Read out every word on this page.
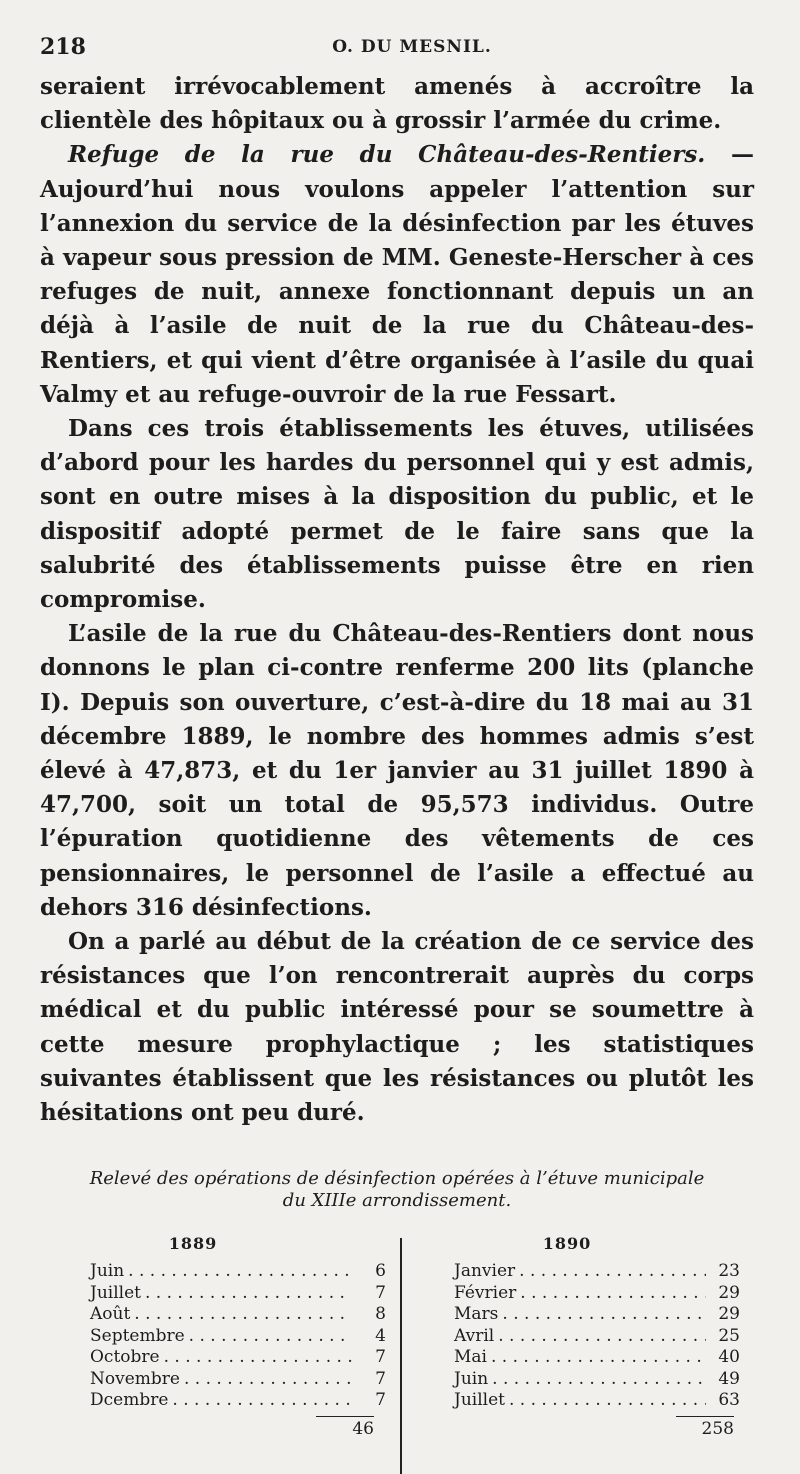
218	O. DU MESNIL.

seraient irrévocablement amenés à accroître la clientèle des hôpitaux ou à grossir l’armée du crime.

Refuge de la rue du Château-des-Rentiers. — Aujourd’hui nous voulons appeler l’attention sur l’annexion du service de la désinfection par les étuves à vapeur sous pression de MM. Geneste-Herscher à ces refuges de nuit, annexe fonctionnant depuis un an déjà à l’asile de nuit de la rue du Château-des-Rentiers, et qui vient d’être organisée à l’asile du quai Valmy et au refuge-ouvroir de la rue Fessart.

Dans ces trois établissements les étuves, utilisées d’abord pour les hardes du personnel qui y est admis, sont en outre mises à la disposition du public, et le dispositif adopté permet de le faire sans que la salubrité des établissements puisse être en rien compromise.

L’asile de la rue du Château-des-Rentiers dont nous donnons le plan ci-contre renferme 200 lits (planche I). Depuis son ouverture, c’est-à-dire du 18 mai au 31 décembre 1889, le nombre des hommes admis s’est élevé à 47,873, et du 1er janvier au 31 juillet 1890 à 47,700, soit un total de 95,573 individus. Outre l’épuration quotidienne des vêtements de ces pensionnaires, le personnel de l’asile a effectué au dehors 316 désinfections.

On a parlé au début de la création de ce service des résistances que l’on rencontrerait auprès du corps médical et du public intéressé pour se soumettre à cette mesure prophylactique ; les statistiques suivantes établissent que les résistances ou plutôt les hésitations ont peu duré.

Relevé des opérations de désinfection opérées à l’étuve municipale
du XIIIe arrondissement.
1889
Juin . . .	6
Juillet . . .	7
Août . . .	8
Septembre . . .	4
Octobre . . .	7
Novembre . . .	7
Dcembre . . .	7
46
1890
Janvier . . .	23
Février . . .	29
Mars . . .	29
Avril . . .	25
Mai . . .	40
Juin . . .	49
Juillet . . .	63
258
